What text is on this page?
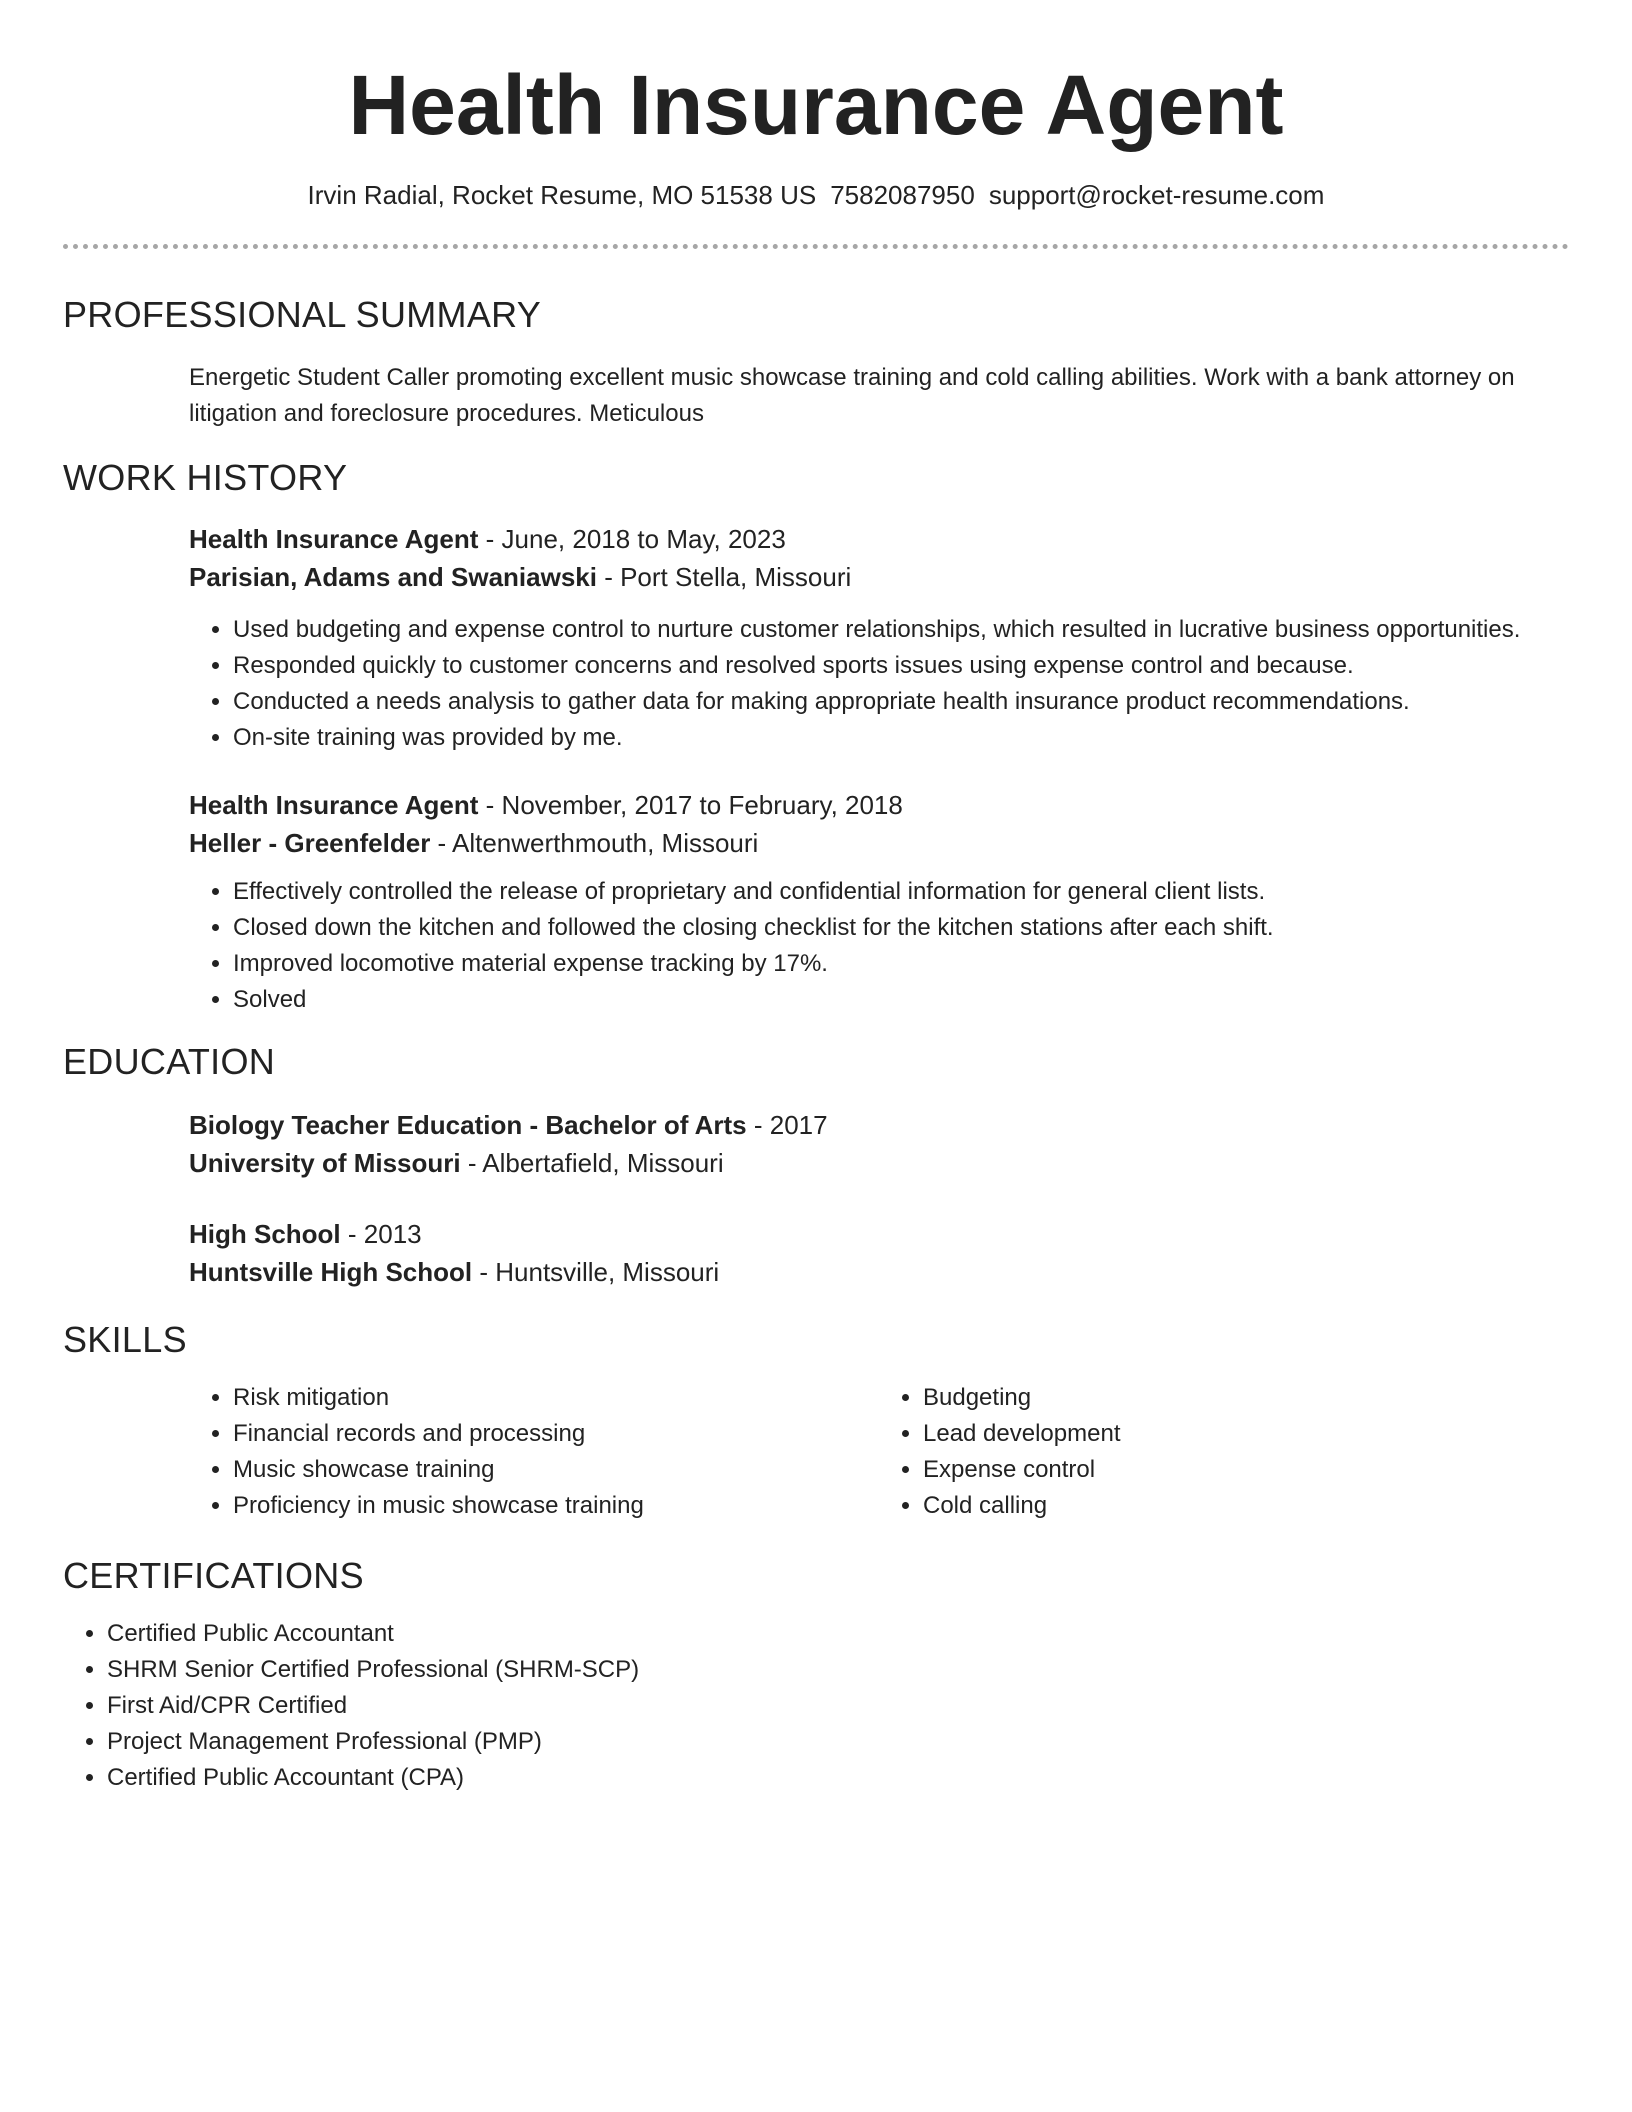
Health Insurance Agent
Irvin Radial, Rocket Resume, MO 51538 US 7582087950 support@rocket-resume.com
PROFESSIONAL SUMMARY
Energetic Student Caller promoting excellent music showcase training and cold calling abilities. Work with a bank attorney on litigation and foreclosure procedures. Meticulous
WORK HISTORY
Health Insurance Agent - June, 2018 to May, 2023
Parisian, Adams and Swaniawski - Port Stella, Missouri
• Used budgeting and expense control to nurture customer relationships, which resulted in lucrative business opportunities.
• Responded quickly to customer concerns and resolved sports issues using expense control and because.
• Conducted a needs analysis to gather data for making appropriate health insurance product recommendations.
• On-site training was provided by me.
Health Insurance Agent - November, 2017 to February, 2018
Heller - Greenfelder - Altenwerthmouth, Missouri
• Effectively controlled the release of proprietary and confidential information for general client lists.
• Closed down the kitchen and followed the closing checklist for the kitchen stations after each shift.
• Improved locomotive material expense tracking by 17%.
• Solved
EDUCATION
Biology Teacher Education - Bachelor of Arts - 2017
University of Missouri - Albertafield, Missouri
High School - 2013
Huntsville High School - Huntsville, Missouri
SKILLS
• Risk mitigation
• Financial records and processing
• Music showcase training
• Proficiency in music showcase training
• Budgeting
• Lead development
• Expense control
• Cold calling
CERTIFICATIONS
• Certified Public Accountant
• SHRM Senior Certified Professional (SHRM-SCP)
• First Aid/CPR Certified
• Project Management Professional (PMP)
• Certified Public Accountant (CPA)
